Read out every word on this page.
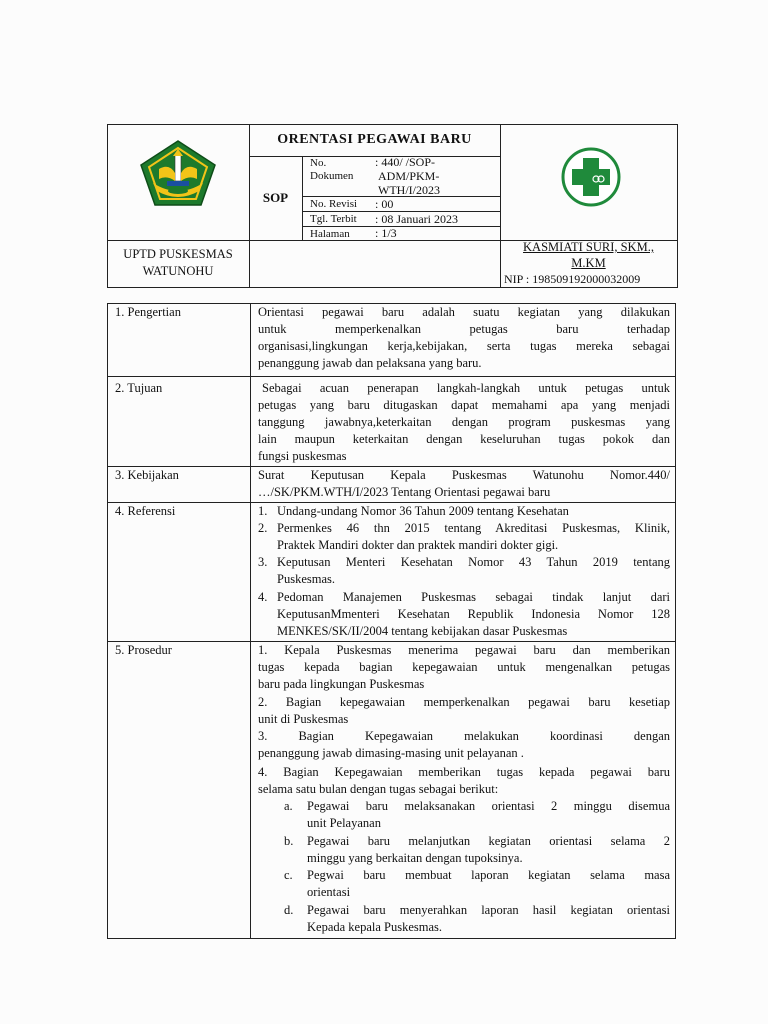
ORENTASI PEGAWAI BARU
SOP
No. Dokumen
: 440/ /SOP-
ADM/PKM-
WTH/I/2023
No. Revisi : 00
Tgl. Terbit : 08 Januari 2023
Halaman : 1/3
UPTD PUSKESMAS
WATUNOHU
KASMIATI SURI, SKM.,
M.KM
NIP : 198509192000032009
1. Pengertian	Orientasi pegawai baru adalah suatu kegiatan yang dilakukan
untuk memperkenalkan petugas baru terhadap
organisasi,lingkungan kerja,kebijakan, serta tugas mereka sebagai
penanggung jawab dan pelaksana yang baru.
2. Tujuan	Sebagai acuan penerapan langkah-langkah untuk petugas untuk
petugas yang baru ditugaskan dapat memahami apa yang menjadi
tanggung jawabnya,keterkaitan dengan program puskesmas yang
lain maupun keterkaitan dengan keseluruhan tugas pokok dan
fungsi puskesmas
3. Kebijakan	Surat Keputusan Kepala Puskesmas Watunohu Nomor.440/
…/SK/PKM.WTH/I/2023 Tentang Orientasi pegawai baru
4. Referensi	1. Undang-undang Nomor 36 Tahun 2009 tentang Kesehatan
2. Permenkes 46 thn 2015 tentang Akreditasi Puskesmas, Klinik,
Praktek Mandiri dokter dan praktek mandiri dokter gigi.
3. Keputusan Menteri Kesehatan Nomor 43 Tahun 2019 tentang
Puskesmas.
4. Pedoman Manajemen Puskesmas sebagai tindak lanjut dari
KeputusanMmenteri Kesehatan Republik Indonesia Nomor 128
MENKES/SK/II/2004 tentang kebijakan dasar Puskesmas
5. Prosedur	1. Kepala Puskesmas menerima pegawai baru dan memberikan
tugas kepada bagian kepegawaian untuk mengenalkan petugas
baru pada lingkungan Puskesmas
2. Bagian kepegawaian memperkenalkan pegawai baru kesetiap
unit di Puskesmas
3. Bagian Kepegawaian melakukan koordinasi dengan
penanggung jawab dimasing-masing unit pelayanan .
4. Bagian Kepegawaian memberikan tugas kepada pegawai baru
selama satu bulan dengan tugas sebagai berikut:
a. Pegawai baru melaksanakan orientasi 2 minggu disemua
unit Pelayanan
b. Pegawai baru melanjutkan kegiatan orientasi selama 2
minggu yang berkaitan dengan tupoksinya.
c. Pegwai baru membuat laporan kegiatan selama masa
orientasi
d. Pegawai baru menyerahkan laporan hasil kegiatan orientasi
Kepada kepala Puskesmas.
